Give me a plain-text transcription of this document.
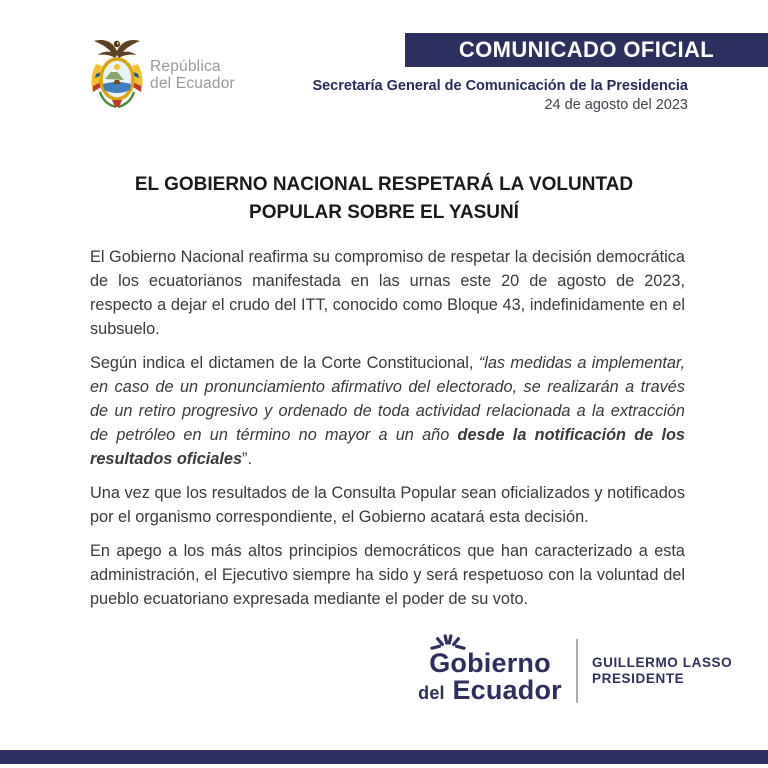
República
del Ecuador
COMUNICADO OFICIAL
Secretaría General de Comunicación de la Presidencia
24 de agosto del 2023
EL GOBIERNO NACIONAL RESPETARÁ LA VOLUNTAD POPULAR SOBRE EL YASUNÍ

El Gobierno Nacional reafirma su compromiso de respetar la decisión democrática de los ecuatorianos manifestada en las urnas este 20 de agosto de 2023, respecto a dejar el crudo del ITT, conocido como Bloque 43, indefinidamente en el subsuelo.

Según indica el dictamen de la Corte Constitucional, “las medidas a implementar, en caso de un pronunciamiento afirmativo del electorado, se realizarán a través de un retiro progresivo y ordenado de toda actividad relacionada a la extracción de petróleo en un término no mayor a un año desde la notificación de los resultados oficiales”.

Una vez que los resultados de la Consulta Popular sean oficializados y notificados por el organismo correspondiente, el Gobierno acatará esta decisión.

En apego a los más altos principios democráticos que han caracterizado a esta administración, el Ejecutivo siempre ha sido y será respetuoso con la voluntad del pueblo ecuatoriano expresada mediante el poder de su voto.

Gobierno
del Ecuador
GUILLERMO LASSO
PRESIDENTE
